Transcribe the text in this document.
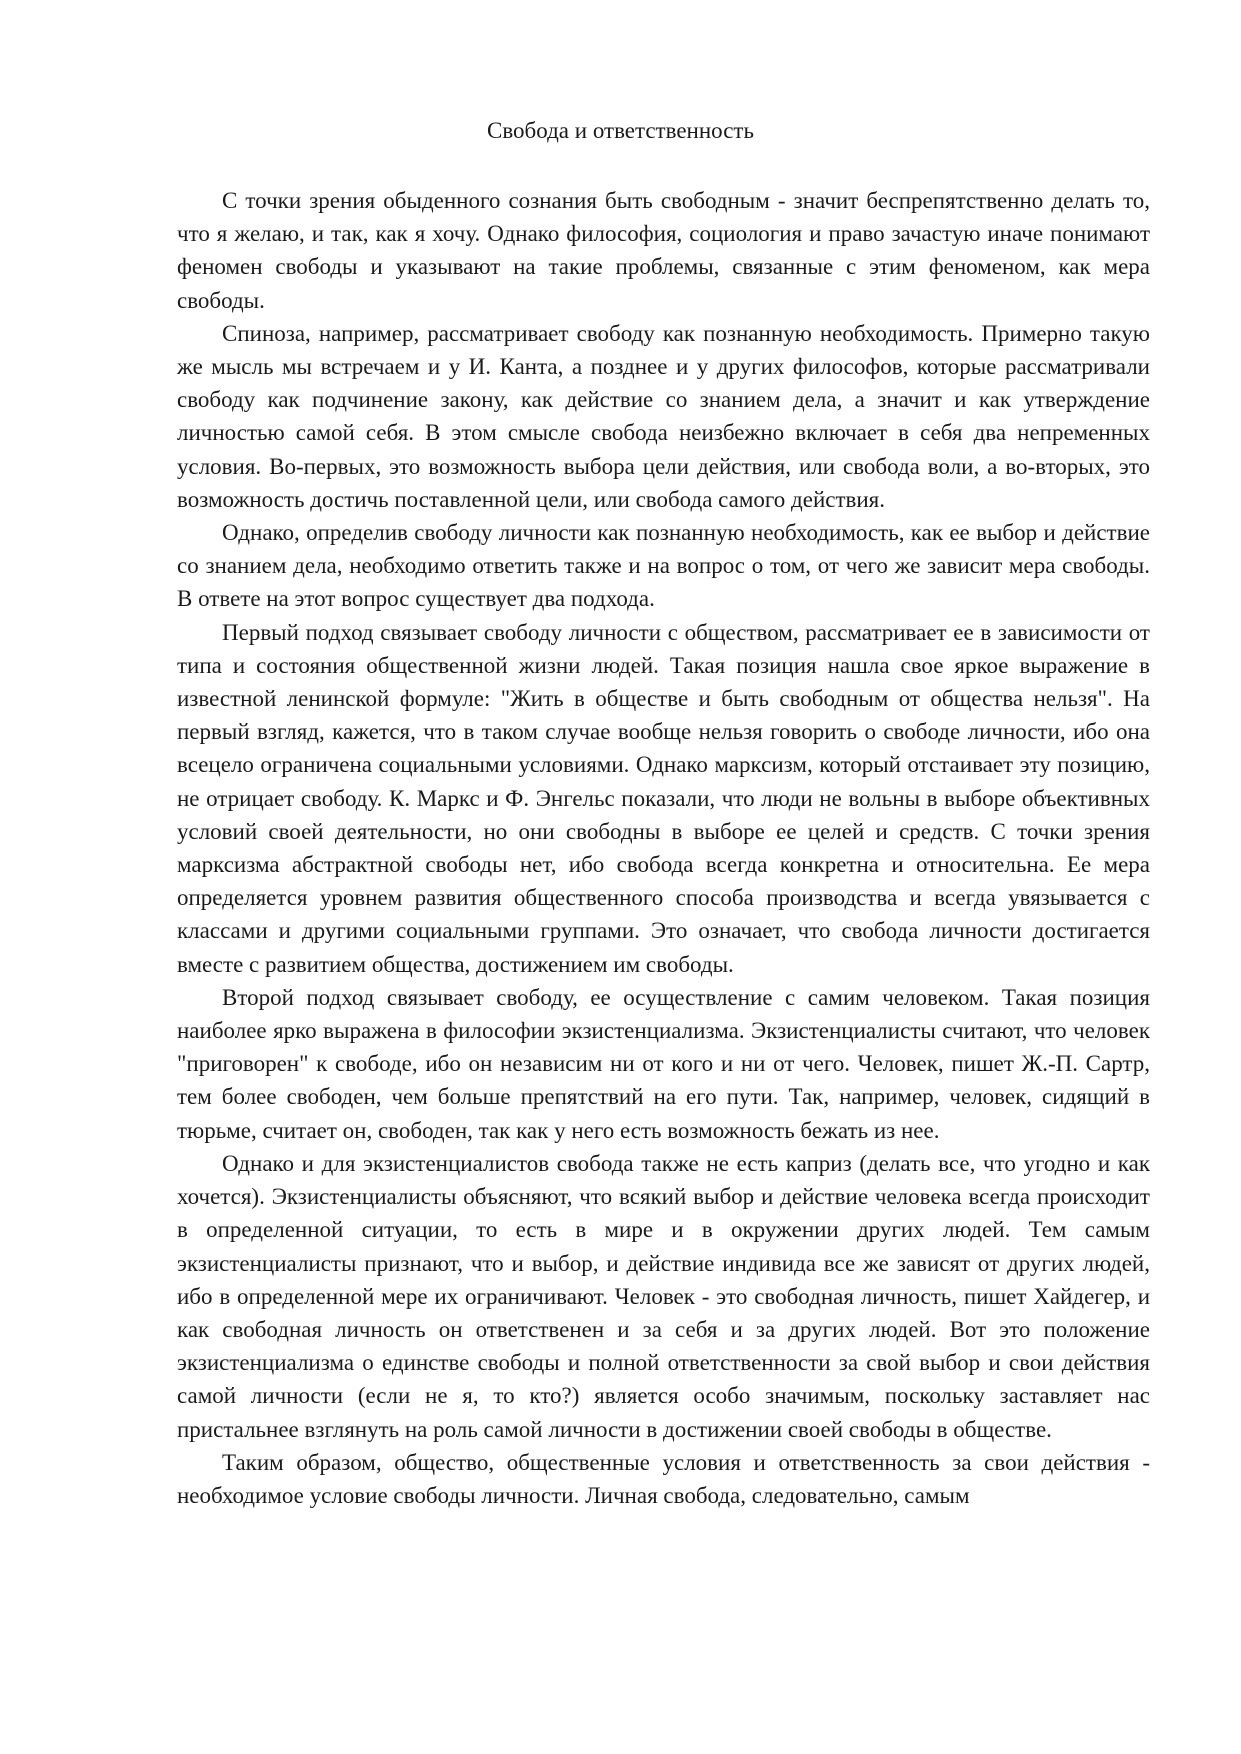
Свобода и ответственность

С точки зрения обыденного сознания быть свободным - значит беспрепятственно делать то, что я желаю, и так, как я хочу. Однако философия, социология и право зачастую иначе понимают феномен свободы и указывают на такие проблемы, связанные с этим феноменом, как мера свободы.

Спиноза, например, рассматривает свободу как познанную необходимость. Примерно такую же мысль мы встречаем и у И. Канта, а позднее и у других философов, которые рассматривали свободу как подчинение закону, как действие со знанием дела, а значит и как утверждение личностью самой себя. В этом смысле свобода неизбежно включает в себя два непременных условия. Во-первых, это возможность выбора цели действия, или свобода воли, а во-вторых, это возможность достичь поставленной цели, или свобода самого действия.

Однако, определив свободу личности как познанную необходимость, как ее выбор и действие со знанием дела, необходимо ответить также и на вопрос о том, от чего же зависит мера свободы. В ответе на этот вопрос существует два подхода.

Первый подход связывает свободу личности с обществом, рассматривает ее в зависимости от типа и состояния общественной жизни людей. Такая позиция нашла свое яркое выражение в известной ленинской формуле: "Жить в обществе и быть свободным от общества нельзя". На первый взгляд, кажется, что в таком случае вообще нельзя говорить о свободе личности, ибо она всецело ограничена социальными условиями. Однако марксизм, который отстаивает эту позицию, не отрицает свободу. К. Маркс и Ф. Энгельс показали, что люди не вольны в выборе объективных условий своей деятельности, но они свободны в выборе ее целей и средств. С точки зрения марксизма абстрактной свободы нет, ибо свобода всегда конкретна и относительна. Ее мера определяется уровнем развития общественного способа производства и всегда увязывается с классами и другими социальными группами. Это означает, что свобода личности достигается вместе с развитием общества, достижением им свободы.

Второй подход связывает свободу, ее осуществление с самим человеком. Такая позиция наиболее ярко выражена в философии экзистенциализма. Экзистенциалисты считают, что человек "приговорен" к свободе, ибо он независим ни от кого и ни от чего. Человек, пишет Ж.-П. Сартр, тем более свободен, чем больше препятствий на его пути. Так, например, человек, сидящий в тюрьме, считает он, свободен, так как у него есть возможность бежать из нее.

Однако и для экзистенциалистов свобода также не есть каприз (делать все, что угодно и как хочется). Экзистенциалисты объясняют, что всякий выбор и действие человека всегда происходит в определенной ситуации, то есть в мире и в окружении других людей. Тем самым экзистенциалисты признают, что и выбор, и действие индивида все же зависят от других людей, ибо в определенной мере их ограничивают. Человек - это свободная личность, пишет Хайдегер, и как свободная личность он ответственен и за себя и за других людей. Вот это положение экзистенциализма о единстве свободы и полной ответственности за свой выбор и свои действия самой личности (если не я, то кто?) является особо значимым, поскольку заставляет нас пристальнее взглянуть на роль самой личности в достижении своей свободы в обществе.

Таким образом, общество, общественные условия и ответственность за свои действия - необходимое условие свободы личности. Личная свобода, следовательно, самым
